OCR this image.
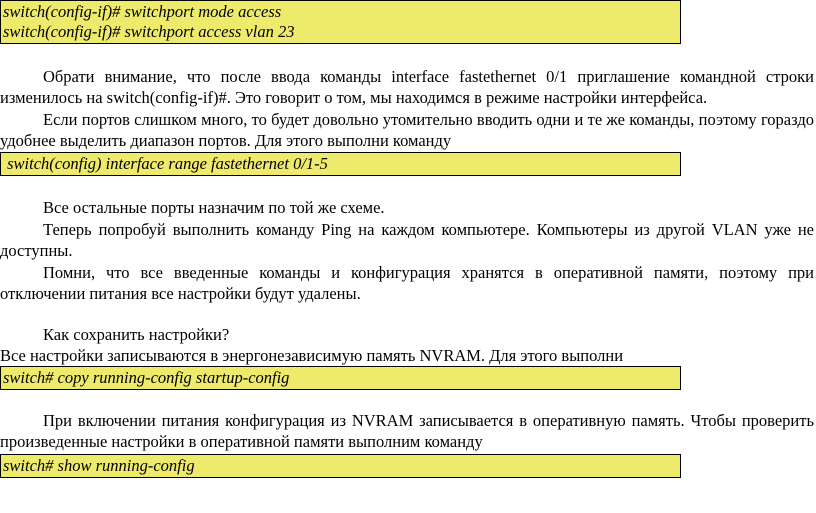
switch(config-if)# switchport mode access
switch(config-if)# switchport access vlan 23

Обрати внимание, что после ввода команды interface fastethernet 0/1 приглашение командной строки изменилось на switch(config-if)#. Это говорит о том, мы находимся в режиме настройки интерфейса.

Если портов слишком много, то будет довольно утомительно вводить одни и те же команды, поэтому гораздо удобнее выделить диапазон портов. Для этого выполни команду

switch(config) interface range fastethernet 0/1-5

Все остальные порты назначим по той же схеме.

Теперь попробуй выполнить команду Ping на каждом компьютере. Компьютеры из другой VLAN уже не доступны.

Помни, что все введенные команды и конфигурация хранятся в оперативной памяти, поэтому при отключении питания все настройки будут удалены.

Как сохранить настройки?

Все настройки записываются в энергонезависимую память NVRAM. Для этого выполни

switch# copy running-config startup-config

При включении питания конфигурация из NVRAM записывается в оперативную память. Чтобы проверить произведенные настройки в оперативной памяти выполним команду

switch# show running-config
